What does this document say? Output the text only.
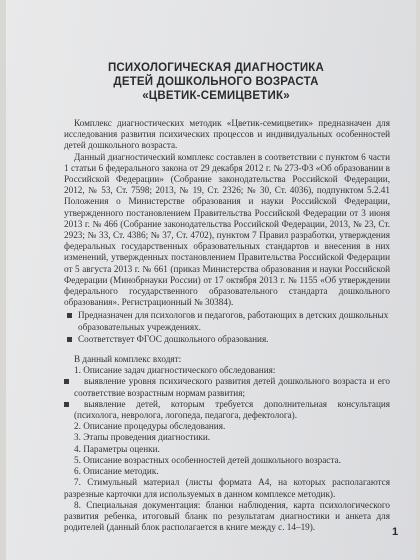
ПСИХОЛОГИЧЕСКАЯ ДИАГНОСТИКА
ДЕТЕЙ ДОШКОЛЬНОГО ВОЗРАСТА
«ЦВЕТИК-СЕМИЦВЕТИК»

Комплекс диагностических методик «Цветик-семицветик» предназначен для исследования развития психических процессов и индивидуальных особенностей детей дошкольного возраста.

Данный диагностический комплекс составлен в соответствии с пунктом 6 части 1 статьи 6 федерального закона от 29 декабря 2012 г. № 273-ФЗ «Об образовании в Российской Федерации» (Собрание законодательства Российской Федерации, 2012, № 53, Ст. 7598; 2013, № 19, Ст. 2326; № 30, Ст. 4036), подпунктом 5.2.41 Положения о Министерстве образования и науки Российской Федерации, утвержденного постановлением Правительства Российской Федерации от 3 июня 2013 г. № 466 (Собрание законодательства Российской Федерации, 2013, № 23, Ст. 2923; № 33, Ст. 4386; № 37, Ст. 4702), пунктом 7 Правил разработки, утверждения федеральных государственных образовательных стандартов и внесения в них изменений, утвержденных постановлением Правительства Российской Федерации от 5 августа 2013 г. № 661 (приказ Министерства образования и науки Российской Федерации (Минобрнауки России) от 17 октября 2013 г. № 1155 «Об утверждении федерального государственного образовательного стандарта дошкольного образования». Регистрационный № 30384).

Предназначен для психологов и педагогов, работающих в детских дошкольных образовательных учреждениях.
Соответствует ФГОС дошкольного образования.

В данный комплекс входят:

1. Описание задач диагностического обследования:

выявление уровня психического развития детей дошкольного возраста и его соответствие возрастным нормам развития;
выявление детей, которым требуется дополнительная консультация (психолога, невролога, логопеда, педагога, дефектолога).

2. Описание процедуры обследования.

3. Этапы проведения диагностики.

4. Параметры оценки.

5. Описание возрастных особенностей детей дошкольного возраста.

6. Описание методик.

7. Стимульный материал (листы формата А4, на которых располагаются разрезные карточки для используемых в данном комплексе методик).

8. Специальная документация: бланки наблюдения, карта психологического развития ребенка, итоговый бланк по результатам диагностики и анкета для родителей (данный блок располагается в книге между с. 14–19).	1
